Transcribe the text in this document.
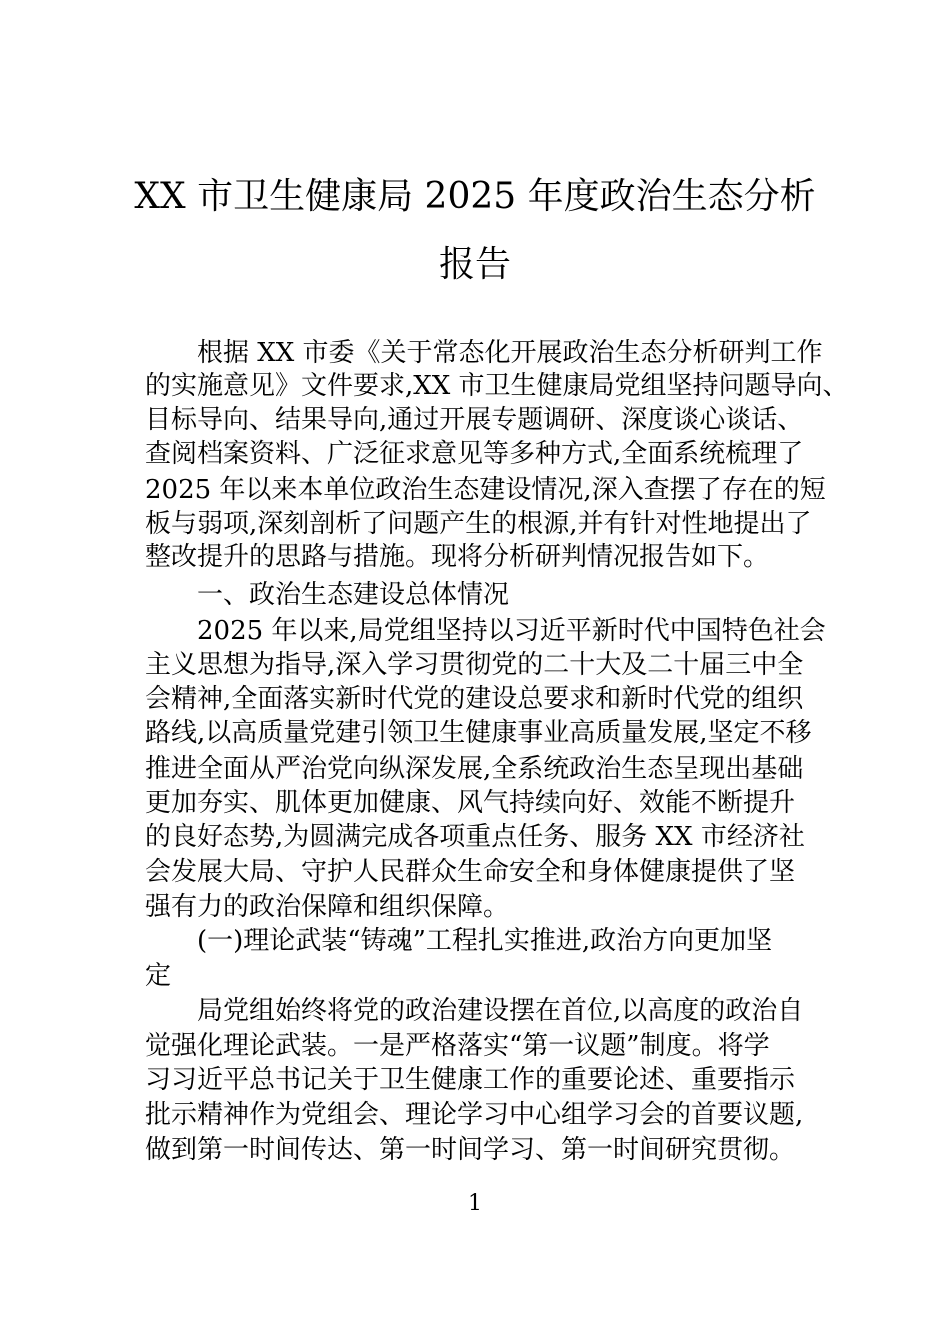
XX 市卫生健康局 2025 年度政治生态分析
报告
根据 XX 市委《关于常态化开展政治生态分析研判工作
的实施意见》文件要求,XX 市卫生健康局党组坚持问题导向、
目标导向、结果导向,通过开展专题调研、深度谈心谈话、
查阅档案资料、广泛征求意见等多种方式,全面系统梳理了
2025 年以来本单位政治生态建设情况,深入查摆了存在的短
板与弱项,深刻剖析了问题产生的根源,并有针对性地提出了
整改提升的思路与措施。现将分析研判情况报告如下。
一、政治生态建设总体情况
2025 年以来,局党组坚持以习近平新时代中国特色社会
主义思想为指导,深入学习贯彻党的二十大及二十届三中全
会精神,全面落实新时代党的建设总要求和新时代党的组织
路线,以高质量党建引领卫生健康事业高质量发展,坚定不移
推进全面从严治党向纵深发展,全系统政治生态呈现出基础
更加夯实、肌体更加健康、风气持续向好、效能不断提升
的良好态势,为圆满完成各项重点任务、服务 XX 市经济社
会发展大局、守护人民群众生命安全和身体健康提供了坚
强有力的政治保障和组织保障。
(一)理论武装“铸魂”工程扎实推进,政治方向更加坚
定
局党组始终将党的政治建设摆在首位,以高度的政治自
觉强化理论武装。一是严格落实“第一议题”制度。将学
习习近平总书记关于卫生健康工作的重要论述、重要指示
批示精神作为党组会、理论学习中心组学习会的首要议题,
做到第一时间传达、第一时间学习、第一时间研究贯彻。
1
